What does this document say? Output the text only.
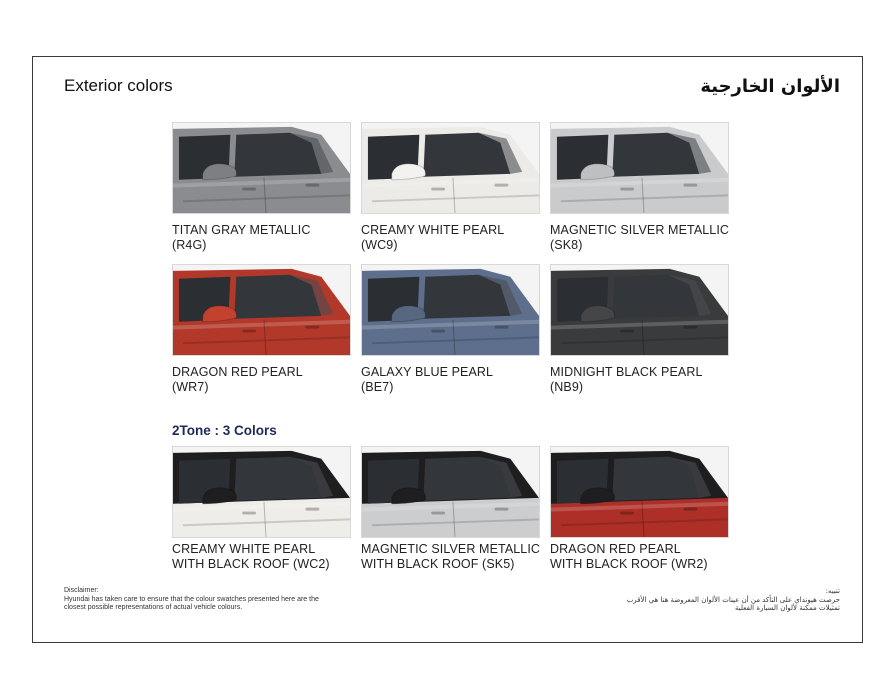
Exterior colors	الألوان الخارجية
2Tone : 3 Colors
TITAN GRAY METALLIC
(R4G)
CREAMY WHITE PEARL
(WC9)
MAGNETIC SILVER METALLIC
(SK8)
DRAGON RED PEARL
(WR7)
GALAXY BLUE PEARL
(BE7)
MIDNIGHT BLACK PEARL
(NB9)
CREAMY WHITE PEARL
WITH BLACK ROOF (WC2)
MAGNETIC SILVER METALLIC
WITH BLACK ROOF (SK5)
DRAGON RED PEARL
WITH BLACK ROOF (WR2)
Disclaimer:
Hyundai has taken care to ensure that the colour swatches presented here are the closest possible representations of actual vehicle colours.
تنبيه:
حرصت هيونداي على التأكد من أن عينات الألوان المعروضة هنا هي الأقرب تمثيلات ممكنة لألوان السيارة الفعلية
